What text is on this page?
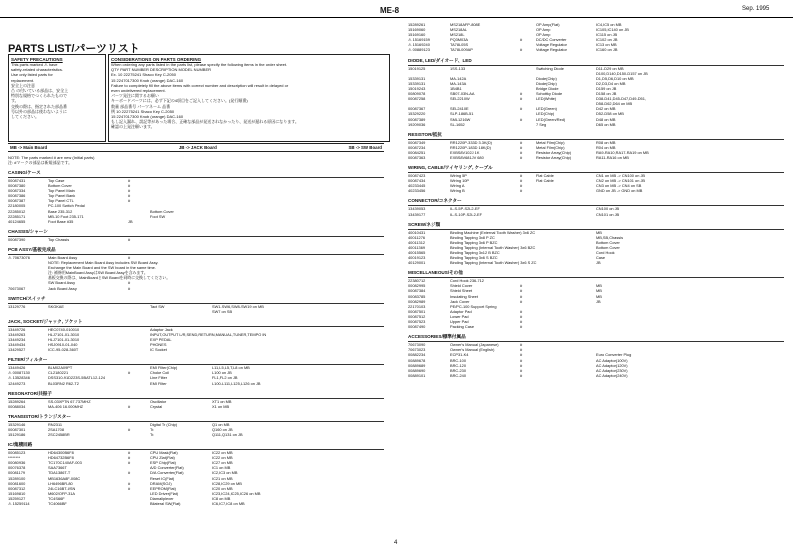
ME-8	Sep. 1995
PARTS LIST/パーツリスト
SAFETY PRECAUTIONS
This parts marked ⚠ have
safety-related characteristics.
Use only listed parts for
replacement.
安全上の注意
⚠ の付いている部品は、安全上
特別な規格でつくられたもので
す。
交換の際は、指定された部品番
号以外の部品は使わないように
してください。
CONSIDERATIONS ON PARTS ORDERING
When ordering any parts listed in the parts list, please specify the following items in the order sheet.
QTY PART NUMBER DESCRIPTION MODEL NUMBER
Ex. 10 22275241 Shaco Key C-2050
15 2247017300 Knob (orange) DAC-160
Failure to completely fill the above items with correct number and description will result in delayed or
even undelivered replacement.
パーツ発注に関するお願い
キーボードパーツには、必ず下記の4項目をご記入してください。(発行順番)
数量 部品番号 パーツネーム 品番
例 10 22275241 Shaco Key C-2050
15 2247017300 Knob (orange) DAC-160
もし記入漏れ、誤記等があった場合、正確な部品が発送されなかったり、発送が遅れる原因になります。
確認の上発注願います。
MB -> Main Board	JB -> JACK Board	SB -> SW Board
NOTE: The parts marked # are new (Initial parts)
注: #マークの部品は新規部品です。
CASING/ケース
00087431	Top Case	#
00087380	Bottom Cover	#
00087334	Top Panel Main	#
00087386	Top Panel Bank	#
00087387	Top Panel CTL	#
22180005	PC-100 Switch Pedal
22285012	Base 235-312	Bottom Cover
22285171	MB-10 Foot 235-171	Foot SW
40124655	Foot Base #35	JB
CHASSIS/シャーシ
00087390	Top Chassis	#
PCB ASSY/基板完成品
⚠ 70673076	Main Board Assy	#
NOTE: Replacement Main Board Assy includes SW Board Assy.
Exchange the Main Board and the SW board in the same time.
注: 補修用MainBoard AssyはSW Board Assyを含みます。
基板交換の際は、MainBoardとSW Boardを同時に交換してください。
SW Board Assy	#
70673067	Jack Board Assy	#
SWITCH/スイッチ
13129776	SKGKAE	Tact SW	SW1-SW6,SW8-SW19 on MB
SW7 on SB
JACK, SOCKET/ジャック, ソケット
13449726	HEC0740-010010	Adaptor Jack
13449263	HLJ7101-01-3010	INPUT,OUTPUT L/R,SEND,RETURN,MANUAL,TUNER,TEMPO IN
13449234	HLJ7101-01-3010	EXP PEDAL
13449434	HSJ0910-01-040	PHONES
13429527	ICC-95-028-360T	IC Socket
FILTER/フィルター
13449426	BLM02A09PT	EMI Filter(Chip)	L11,L5,L5,T,L8 on MB
⚠ 00087130	CL2180221	#	Choke Coil	L100 on JB
⚠ 13528346	DSS310-91D223S-5BATL12-124	Line Filter	FL1,FL2 on JB
12449273	BL03RN2 R62-T2	EMI Filter	L100-L111,L125,L126 on JB
RESONATOR/共振子
15289264	SS-03XPTN 67.737MHZ	Oscillator	XT1 on MB
00088034	MA-406 16.000MHZ	#	Crystal	X1 on MB
TRANSISTOR/トランジスター
15329146	RN2311	Digital Tr (Chip)	Q1 on MB
00087301	2SA1708	#	Tr.	Q160 on JB
15129186	2SC2458BR	Tr.	Q111,Q131 on JB
IC/集積回路
00085123	HD64300B6F8	#	CPU Mask(Flat)	IC22 on MB
********	HD64732B6F8	#	CPU Zlat(Flat)	IC22 on MB
00080936	TC170C140AF-003	#	ESP Chip(Flat)	IC27 on MB
00076378	SAA7366T	A/D Converter(Flat)	IC1 on MB
00081179	TDA1386T-T	#	D/A Converter(Flat)	IC2,IC3 on MB
15289100	MB1636A8F-008C	Reset IC(Flat)	IC21 on MB
00081600	LH6496BR-80	#	DRAM(SOJ)	IC28,IC29 on MB
00087312	24LC16BT-I/SN	#	EEPROM(Flat)	IC20 on MB
15169810	M602/OFP-31A	LED Driver(Flat)	IC23,IC24,IC25,IC26 on MB
15259127	TC4S66F	Diamaliplexer	IC8 on MB
⚠ 15259114	TC4066BF	Bilateral SW(Flat)	IC6,IC7,IC8 on MB
15289261	MS218AFP-808E	OP Amp(Flat)	IC4,IC5 on MB
15169060	MS218AL	OP Amp	IC105,IC140 on JB
15169160	MS218L	OP Amp	IC115 on JB
⚠ 15169159	PQ3M03A	#	DC/DC Converter	IC102 on JB
⚠ 15169240	TA78L05S	Voltage Regulator	IC13 on MB
⚠ 00889123	TA78L009AP	#	Voltage Regulator	IC160 on JB
DIODE, LED/ダイオード、LED
15019125	1SS-133	Switching Diode	D11-D29 on MB
D100,D140,D150-D157 on JB
15339131	MA-142A	Diode(Chip)	D1,D5,D6,D10 on MB
15339131	MA-143A	Diode(Chip)	D2,D3,D4 on MB
15019243	1B4B1	Bridge Diode	D159 on JB
00809078	SB07-03N-AA	#	Schottky Diode	D158 on JB
00087258	SEL2210W	#	LED(White)	D38-D41,D45-D47,D49-D51,
D58-D62,D64 on MB
00087367	SEL2410E	#	LED(Green)	D42 on MB
15329220	SLP-186B-51	LED(Chip)	D52-D58 on MB
00087389	SML1216W	#	LED(Green/Red)	D48 on MB
19209036	SL-1652	7 Seg	D65 on MB
RESISTOR/抵抗
00087349	RR1220P-333D 3.3K(D)	#	Metal Film(Chip)	R08 on MB
00087234	RR1220P-183D 18K(D)	#	Metal Film(Chip)	R04 on MB
00084251	EXBS8V102J 1K	#	Resistor Array(Chip)	RA9-RA10,RA17-RA19 on MB
00087363	EXBS8V681JV 680	#	Resistor Array(Chip)	RA11-RA16 on MB
WIRING, CABLE/ワイヤリング, ケーブル
00087423	Wiring 5P	#	Flat Cable	CN1 on MB -> CN100 on JB
00087434	Wiring 10P	#	Flat Cable	CN2 on MB -> CN101 on JB
40233445	Wiring A	#	CN3 on MB -> CN4 on SB
40233456	Wiring B	#	GND on JB -> GND on MB
CONNECTOR/コネクター
13439053	IL-S-5P-S2L2-EF	CN100 on JB
13439177	IL-S-10P-S2L2-EF	CN101 on JB
SCREW/ネジ類
40010431	Binding Machine (External Tooth Washer) 3x6 ZC	MB
40011276	Binding Tapping 3x8 P ZC	MB,SB,Chassis
40011312	Binding Tapping 3x6 P BZC	Bottom Cover
40011369	Binding Tapping (Internal Tooth Washer) 3x6 BZC	Bottom Cover
40015565	Binding Tapping 3x12 B BZC	Cord Hook
40019123	Binding Tapping 3x6 S BZC	Case
40129001	Binding Tapping (Internal Tooth Washer) 3x6 S ZC	JB
MISCELLANEOUS/その他
22380712	Cord Hook 236-712
00082995	Shield Cover	#	MB
00087384	Shield Sheet	#	MB
00083785	Insulating Sheet	#	MB
00082989	Jack Cover	#	JB
22170103	PE/PC-100 Support Spring
00087501	Adaptor Pad	#
00087512	Lower Pad	#
00087523	Upper Pad	#
00087490	Packing Case	#
ACCESSORIES/標準付属品
70673090	Owner's Manual (Japanese)	#
70673023	Owner's Manual (English)	#
00882234	ECP31-K4	#	Euro Converter Plug
00889678	BRC-100	#	AC Adaptor(100V)
00889689	BRC-120	#	AC Adaptor(120V)
00889690	BRC-230	#	AC Adaptor(230V)
00889101	BRC-240	#	AC Adaptor(240V)
4
